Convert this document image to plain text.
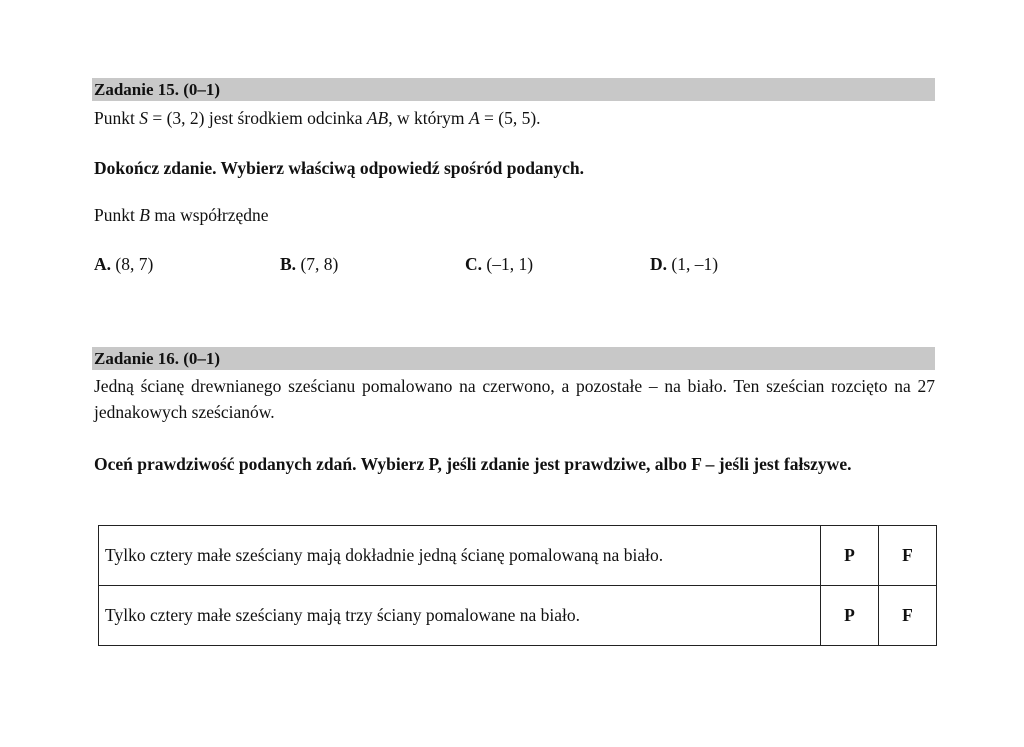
Zadanie 15. (0–1)
Punkt S = (3, 2) jest środkiem odcinka AB, w którym A = (5, 5).
Dokończ zdanie. Wybierz właściwą odpowiedź spośród podanych.
Punkt B ma współrzędne
A. (8, 7)	B. (7, 8)	C. (–1, 1)	D. (1, –1)
Zadanie 16. (0–1)
Jedną ścianę drewnianego sześcianu pomalowano na czerwono, a pozostałe – na biało. Ten sześcian rozcięto na 27 jednakowych sześcianów.
Oceń prawdziwość podanych zdań. Wybierz P, jeśli zdanie jest prawdziwe, albo F – jeśli jest fałszywe.
Tylko cztery małe sześciany mają dokładnie jedną ścianę pomalowaną na biało.	P	F
Tylko cztery małe sześciany mają trzy ściany pomalowane na biało.	P	F
